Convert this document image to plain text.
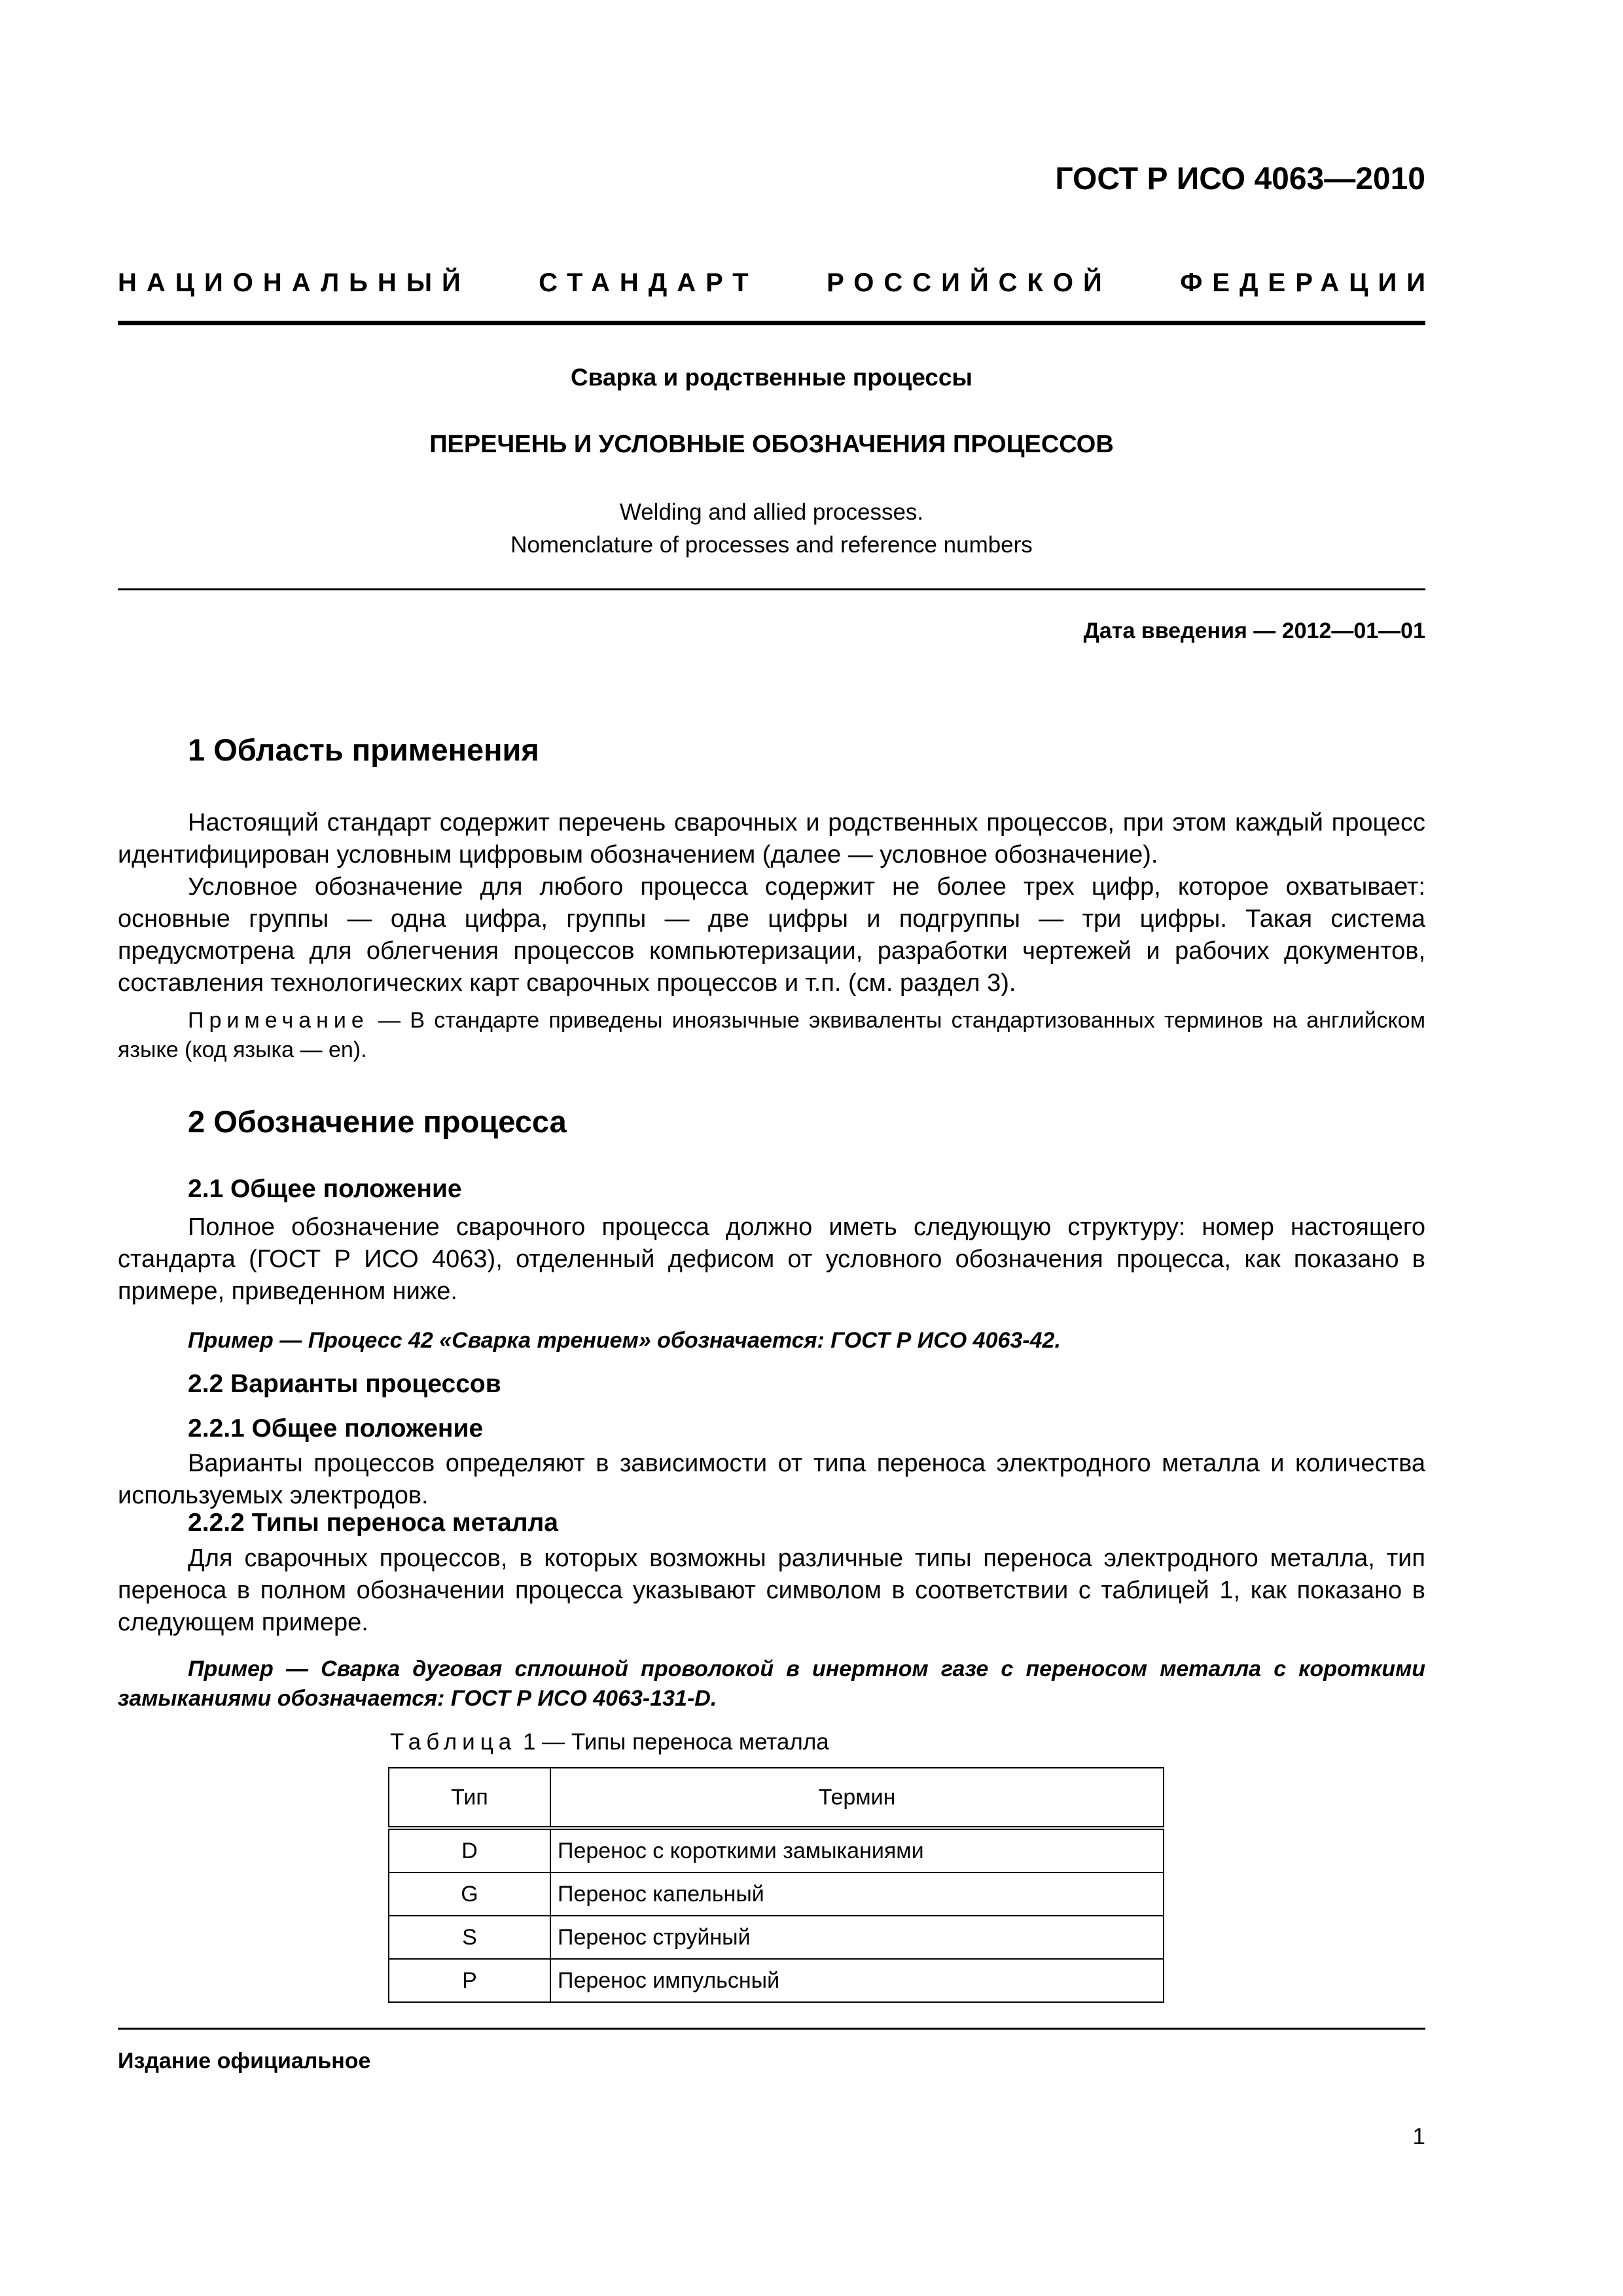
ГОСТ Р ИСО 4063—2010
НАЦИОНАЛЬНЫЙ	СТАНДАРТ	РОССИЙСКОЙ	ФЕДЕРАЦИИ
Сварка и родственные процессы
ПЕРЕЧЕНЬ И УСЛОВНЫЕ ОБОЗНАЧЕНИЯ ПРОЦЕССОВ
Welding and allied processes.
Nomenclature of processes and reference numbers
Дата введения — 2012—01—01
1 Область применения
Настоящий стандарт содержит перечень сварочных и родственных процессов, при этом каждый процесс идентифицирован условным цифровым обозначением (далее — условное обозначение).
Условное обозначение для любого процесса содержит не более трех цифр, которое охватывает: основные группы — одна цифра, группы — две цифры и подгруппы — три цифры. Такая система предусмотрена для облегчения процессов компьютеризации, разработки чертежей и рабочих документов, составления технологических карт сварочных процессов и т.п. (см. раздел 3).
Примечание — В стандарте приведены иноязычные эквиваленты стандартизованных терминов на английском языке (код языка — en).
2 Обозначение процесса
2.1 Общее положение
Полное обозначение сварочного процесса должно иметь следующую структуру: номер настоящего стандарта (ГОСТ Р ИСО 4063), отделенный дефисом от условного обозначения процесса, как показано в примере, приведенном ниже.
Пример — Процесс 42 «Сварка трением» обозначается: ГОСТ Р ИСО 4063-42.
2.2 Варианты процессов
2.2.1 Общее положение
Варианты процессов определяют в зависимости от типа переноса электродного металла и количества используемых электродов.
2.2.2 Типы переноса металла
Для сварочных процессов, в которых возможны различные типы переноса электродного металла, тип переноса в полном обозначении процесса указывают символом в соответствии с таблицей 1, как показано в следующем примере.
Пример — Сварка дуговая сплошной проволокой в инертном газе с переносом металла с короткими замыканиями обозначается: ГОСТ Р ИСО 4063-131-D.
Таблица 1 — Типы переноса металла
Тип	Термин
D	Перенос с короткими замыканиями
G	Перенос капельный
S	Перенос струйный
P	Перенос импульсный
Издание официальное
1
